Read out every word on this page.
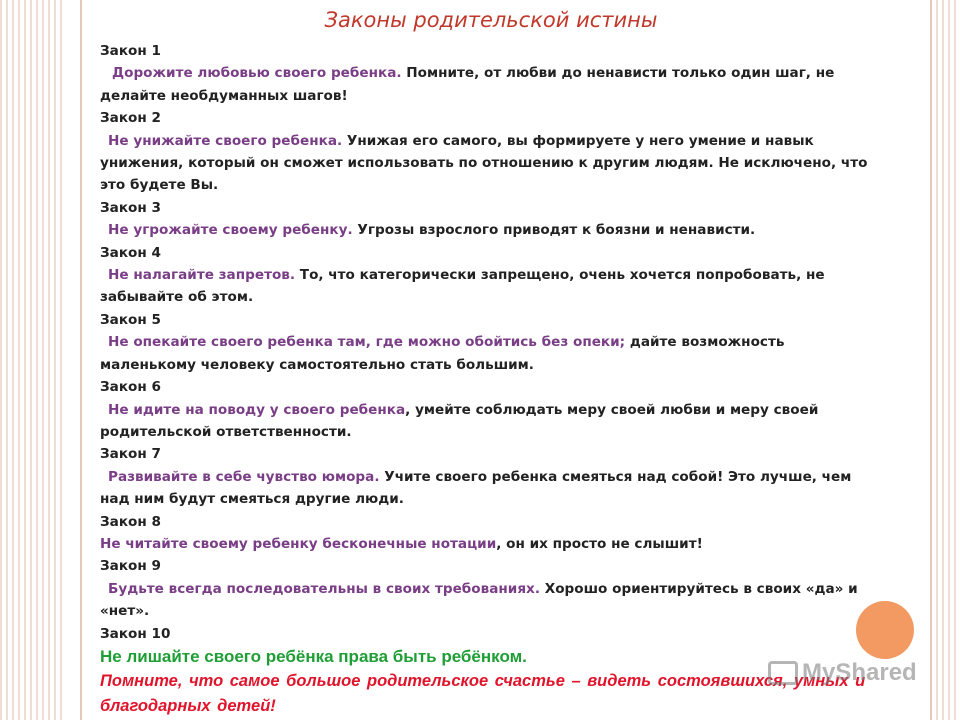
Законы родительской истины
Закон 1
Дорожите любовью своего ребенка. Помните, от любви до ненависти только один шаг, не делайте необдуманных шагов!
Закон 2
Не унижайте своего ребенка. Унижая его самого, вы формируете у него умение и навык унижения, который он сможет использовать по отношению к другим людям. Не исключено, что это будете Вы.
Закон 3
Не угрожайте своему ребенку. Угрозы взрослого приводят к боязни и ненависти.
Закон 4
Не налагайте запретов. То, что категорически запрещено, очень хочется попробовать, не забывайте об этом.
Закон 5
Не опекайте своего ребенка там, где можно обойтись без опеки; дайте возможность маленькому человеку самостоятельно стать большим.
Закон 6
Не идите на поводу у своего ребенка, умейте соблюдать меру своей любви и меру своей родительской ответственности.
Закон 7
Развивайте в себе чувство юмора. Учите своего ребенка смеяться над собой! Это лучше, чем над ним будут смеяться другие люди.
Закон 8
Не читайте своему ребенку бесконечные нотации, он их просто не слышит!
Закон 9
Будьте всегда последовательны в своих требованиях. Хорошо ориентируйтесь в своих «да» и «нет».
Закон 10
Не лишайте своего ребёнка права быть ребёнком.
Помните, что самое большое родительское счастье – видеть состоявшихся, умных и благодарных детей!
MyShared
